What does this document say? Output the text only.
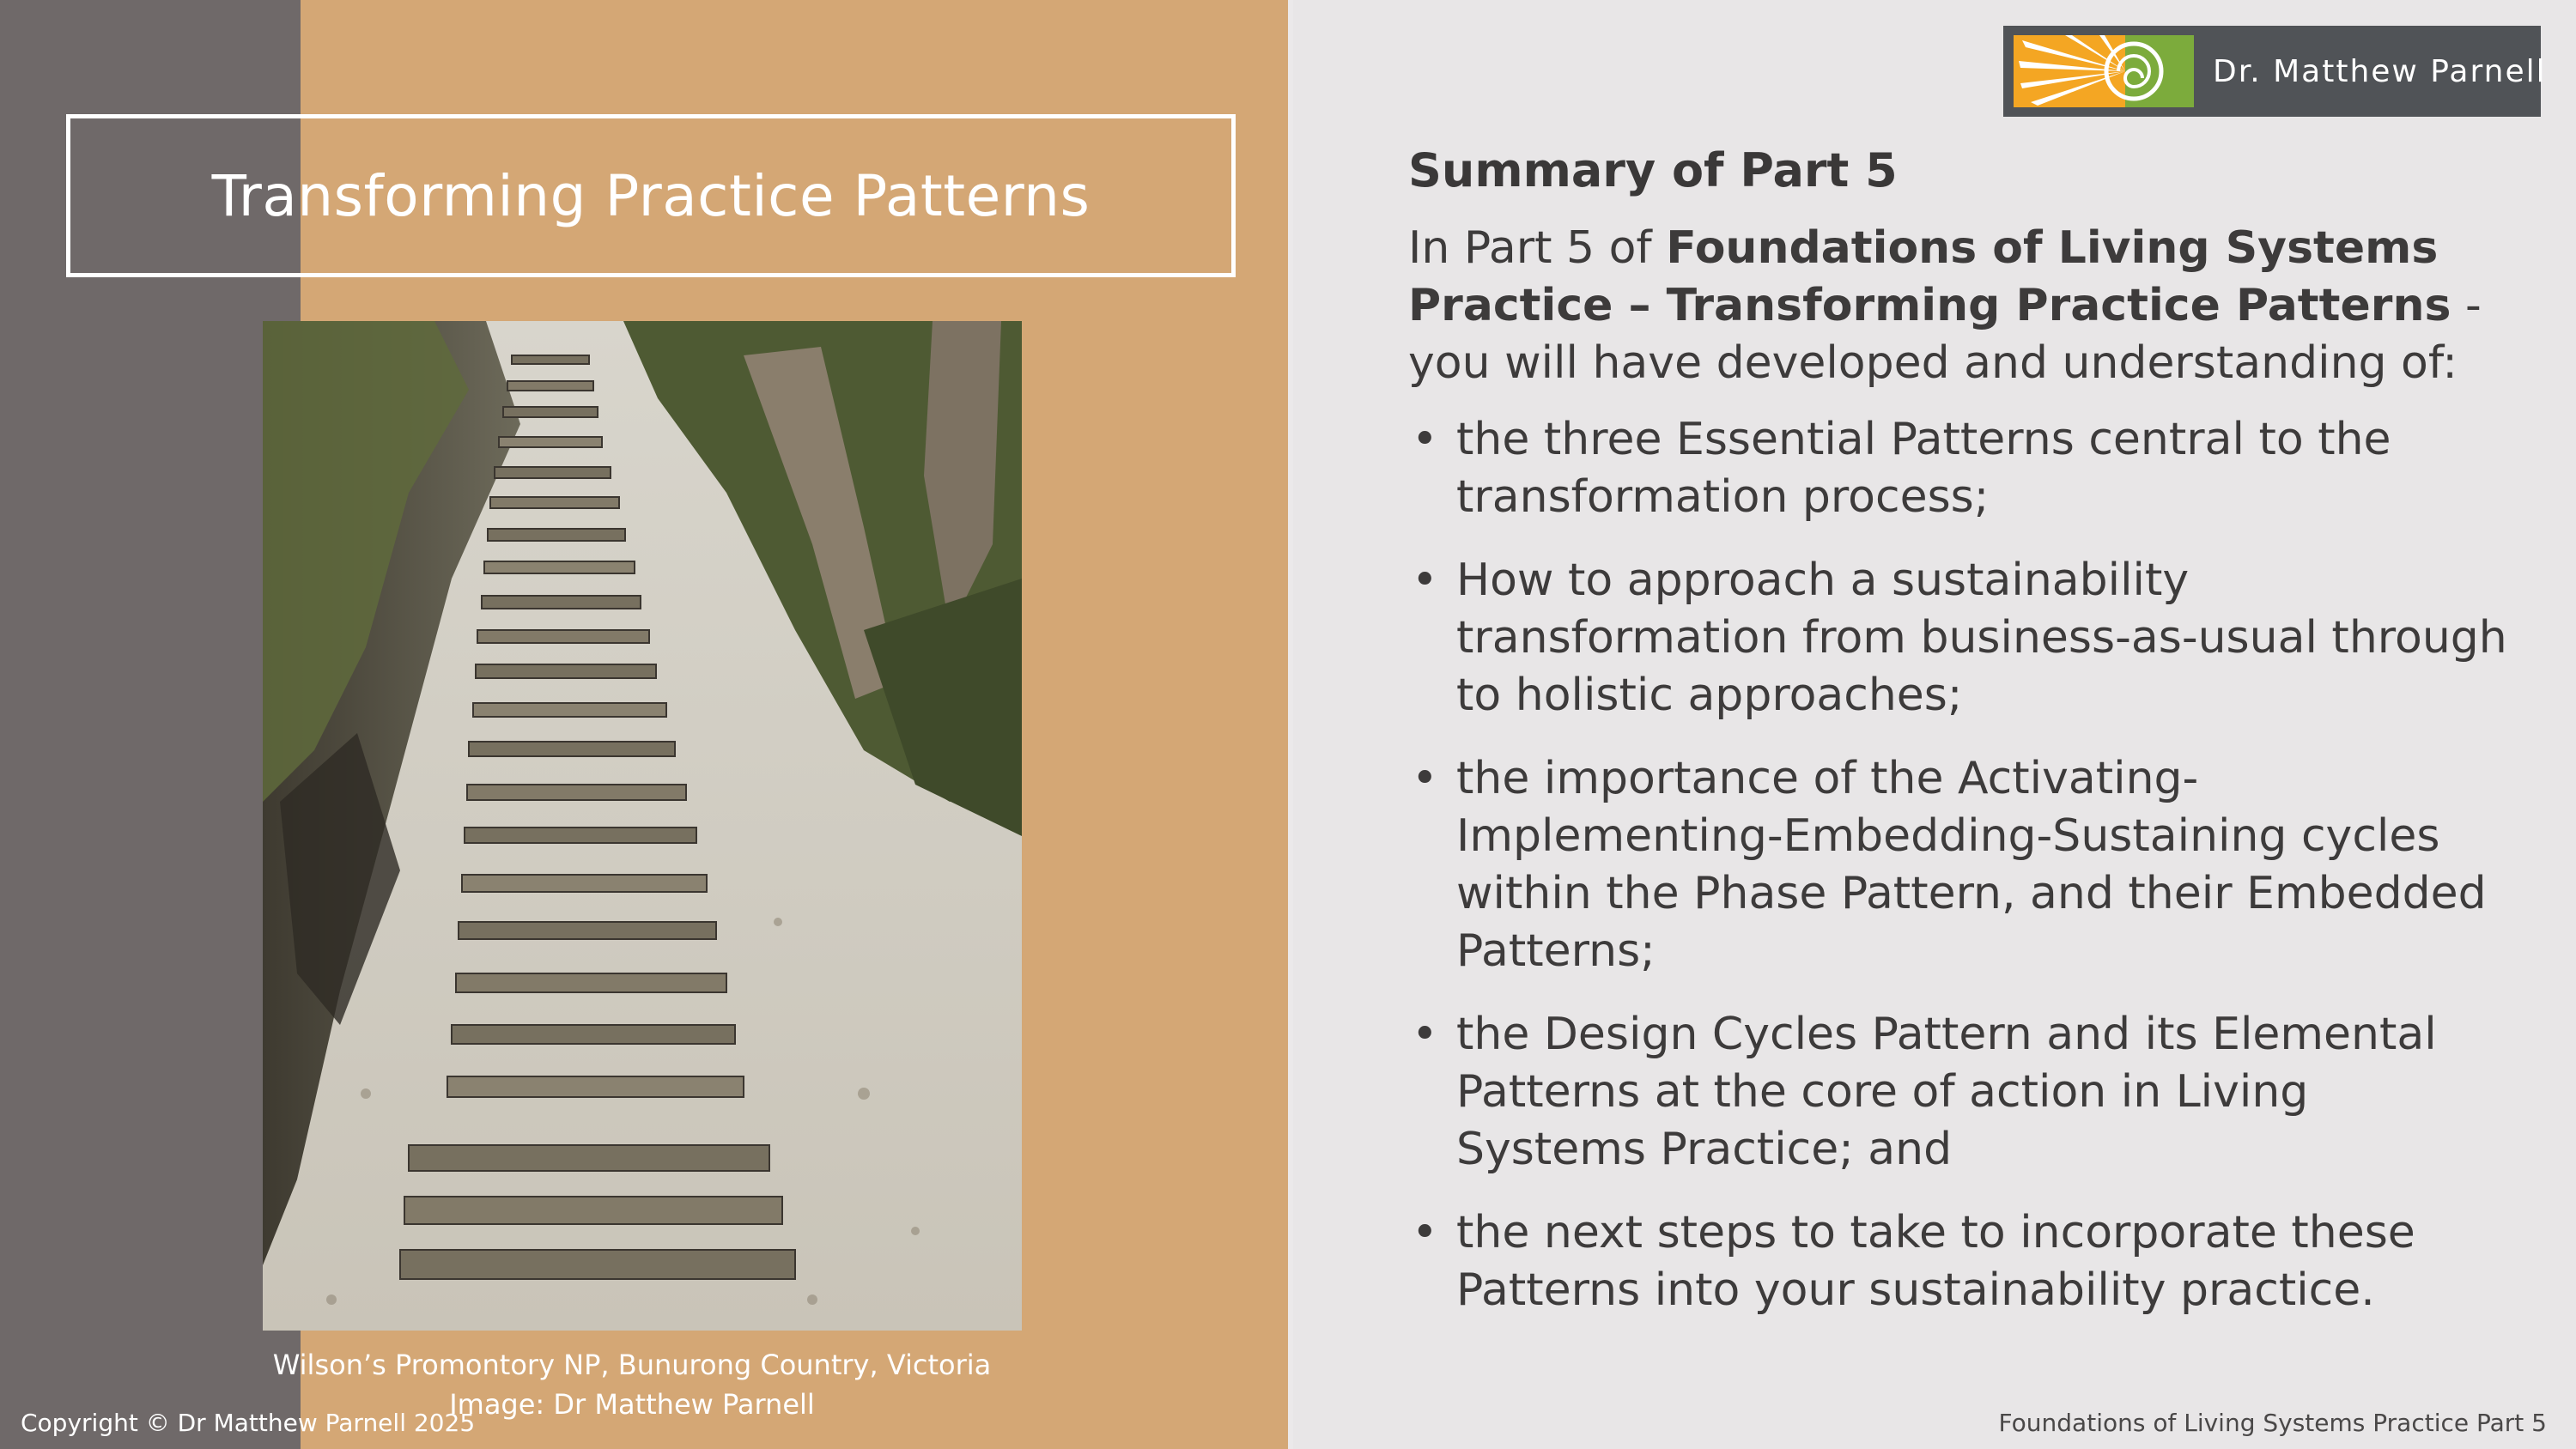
Transforming Practice Patterns
Wilson’s Promontory NP, Bunurong Country, Victoria
Image: Dr Matthew Parnell
Copyright © Dr Matthew Parnell 2025
Dr. Matthew Parnell
Summary of Part 5

In Part 5 of Foundations of Living Systems Practice – Transforming Practice Patterns - you will have developed and understanding of:

• the three Essential Patterns central to the transformation process;
• How to approach a sustainability transformation from business-as-usual through to holistic approaches;
• the importance of the Activating-Implementing-Embedding-Sustaining cycles within the Phase Pattern, and their Embedded Patterns;
• the Design Cycles Pattern and its Elemental Patterns at the core of action in Living Systems Practice; and
• the next steps to take to incorporate these Patterns into your sustainability practice.
Foundations of Living Systems Practice Part 5
